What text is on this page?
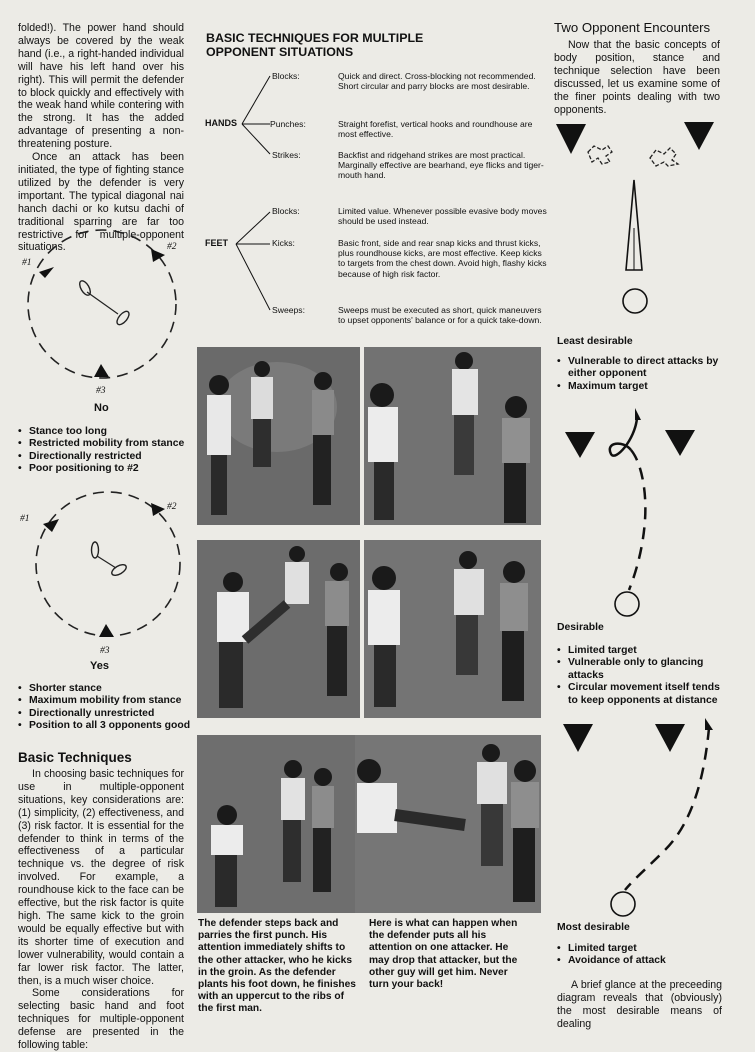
folded!). The power hand should always be covered by the weak hand (i.e., a right-handed individual will have his left hand over his right). This will permit the defender to block quickly and effectively with the weak hand while contering with the strong. It has the added advantage of presenting a non-threatening posture.

Once an attack has been initiated, the type of fighting stance utilized by the defender is very important. The typical diagonal nai hanch dachi or ko kutsu dachi of traditional sparring are far too restrictive for multiple-opponent situations.

#1
#2
#3
No
• Stance too long
• Restricted mobility from stance
• Directionally restricted
• Poor positioning to #2
#1
#2
#3
Yes
• Shorter stance
• Maximum mobility from stance
• Directionally unrestricted
• Position to all 3 opponents good
Basic Techniques

In choosing basic techniques for use in multiple-opponent situations, key considerations are: (1) simplicity, (2) effectiveness, and (3) risk factor. It is essential for the defender to think in terms of the effectiveness of a particular technique vs. the degree of risk involved. For example, a roundhouse kick to the face can be effective, but the risk factor is quite high. The same kick to the groin would be equally effective but with its shorter time of execution and lower vulnerability, would contain a far lower risk factor. The latter, then, is a much wiser choice.

Some considerations for selecting basic hand and foot techniques for multiple-opponent defense are presented in the following table:

BASIC TECHNIQUES FOR MULTIPLE
OPPONENT SITUATIONS
HANDS
Blocks:
Punches:
Strikes:
Quick and direct. Cross-blocking not recommended. Short circular and parry blocks are most desirable.
Straight forefist, vertical hooks and roundhouse are most effective.
Backfist and ridgehand strikes are most practical. Marginally effective are bearhand, eye flicks and tiger-mouth hand.
FEET
Blocks:
Kicks:
Sweeps:
Limited value. Whenever possible evasive body moves should be used instead.
Basic front, side and rear snap kicks and thrust kicks, plus roundhouse kicks, are most effective. Keep kicks to targets from the chest down. Avoid high, flashy kicks because of high risk factor.
Sweeps must be executed as short, quick maneuvers to upset opponents' balance or for a quick take-down.

The defender steps back and parries the first punch. His attention immediately shifts to the other attacker, who he kicks in the groin. As the defender plants his foot down, he finishes with an uppercut to the ribs of the first man.

Here is what can happen when the defender puts all his attention on one attacker. He may drop that attacker, but the other guy will get him. Never turn your back!

Two Opponent Encounters

Now that the basic concepts of body position, stance and technique selection have been discussed, let us examine some of the finer points dealing with two opponents.

Least desirable
• Vulnerable to direct attacks by either opponent
• Maximum target
Desirable
• Limited target
• Vulnerable only to glancing attacks
• Circular movement itself tends to keep opponents at distance
Most desirable
• Limited target
• Avoidance of attack

A brief glance at the preceeding diagram reveals that (obviously) the most desirable means of dealing
